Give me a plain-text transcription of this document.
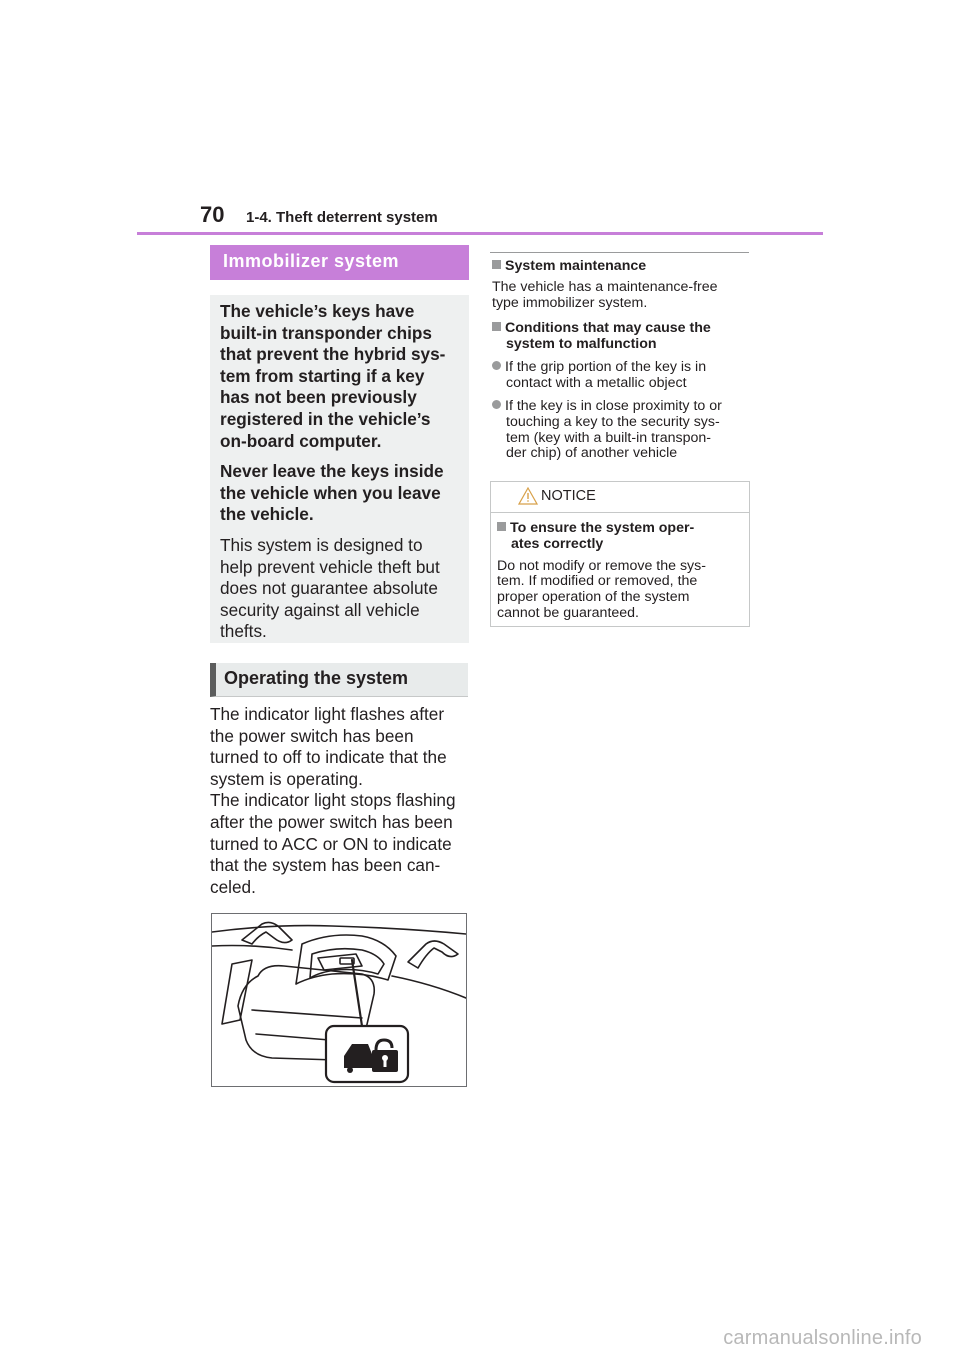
70 1-4. Theft deterrent system
Immobilizer system

The vehicle’s keys have

built-in transponder chips

that prevent the hybrid sys-

tem from starting if a key

has not been previously

registered in the vehicle’s

on-board computer.

Never leave the keys inside

the vehicle when you leave

the vehicle.

This system is designed to

help prevent vehicle theft but

does not guarantee absolute

security against all vehicle

thefts.

Operating the system

The indicator light flashes after

the power switch has been

turned to off to indicate that the

system is operating.

The indicator light stops flashing

after the power switch has been

turned to ACC or ON to indicate

that the system has been can-

celed.

System maintenance
The vehicle has a maintenance-free
type immobilizer system.
Conditions that may cause the
system to malfunction
If the grip portion of the key is in
contact with a metallic object
If the key is in close proximity to or
touching a key to the security sys-
tem (key with a built-in transpon-
der chip) of another vehicle
NOTICE
To ensure the system oper-
ates correctly

Do not modify or remove the sys-

tem. If modified or removed, the

proper operation of the system

cannot be guaranteed.

carmanualsonline.info
